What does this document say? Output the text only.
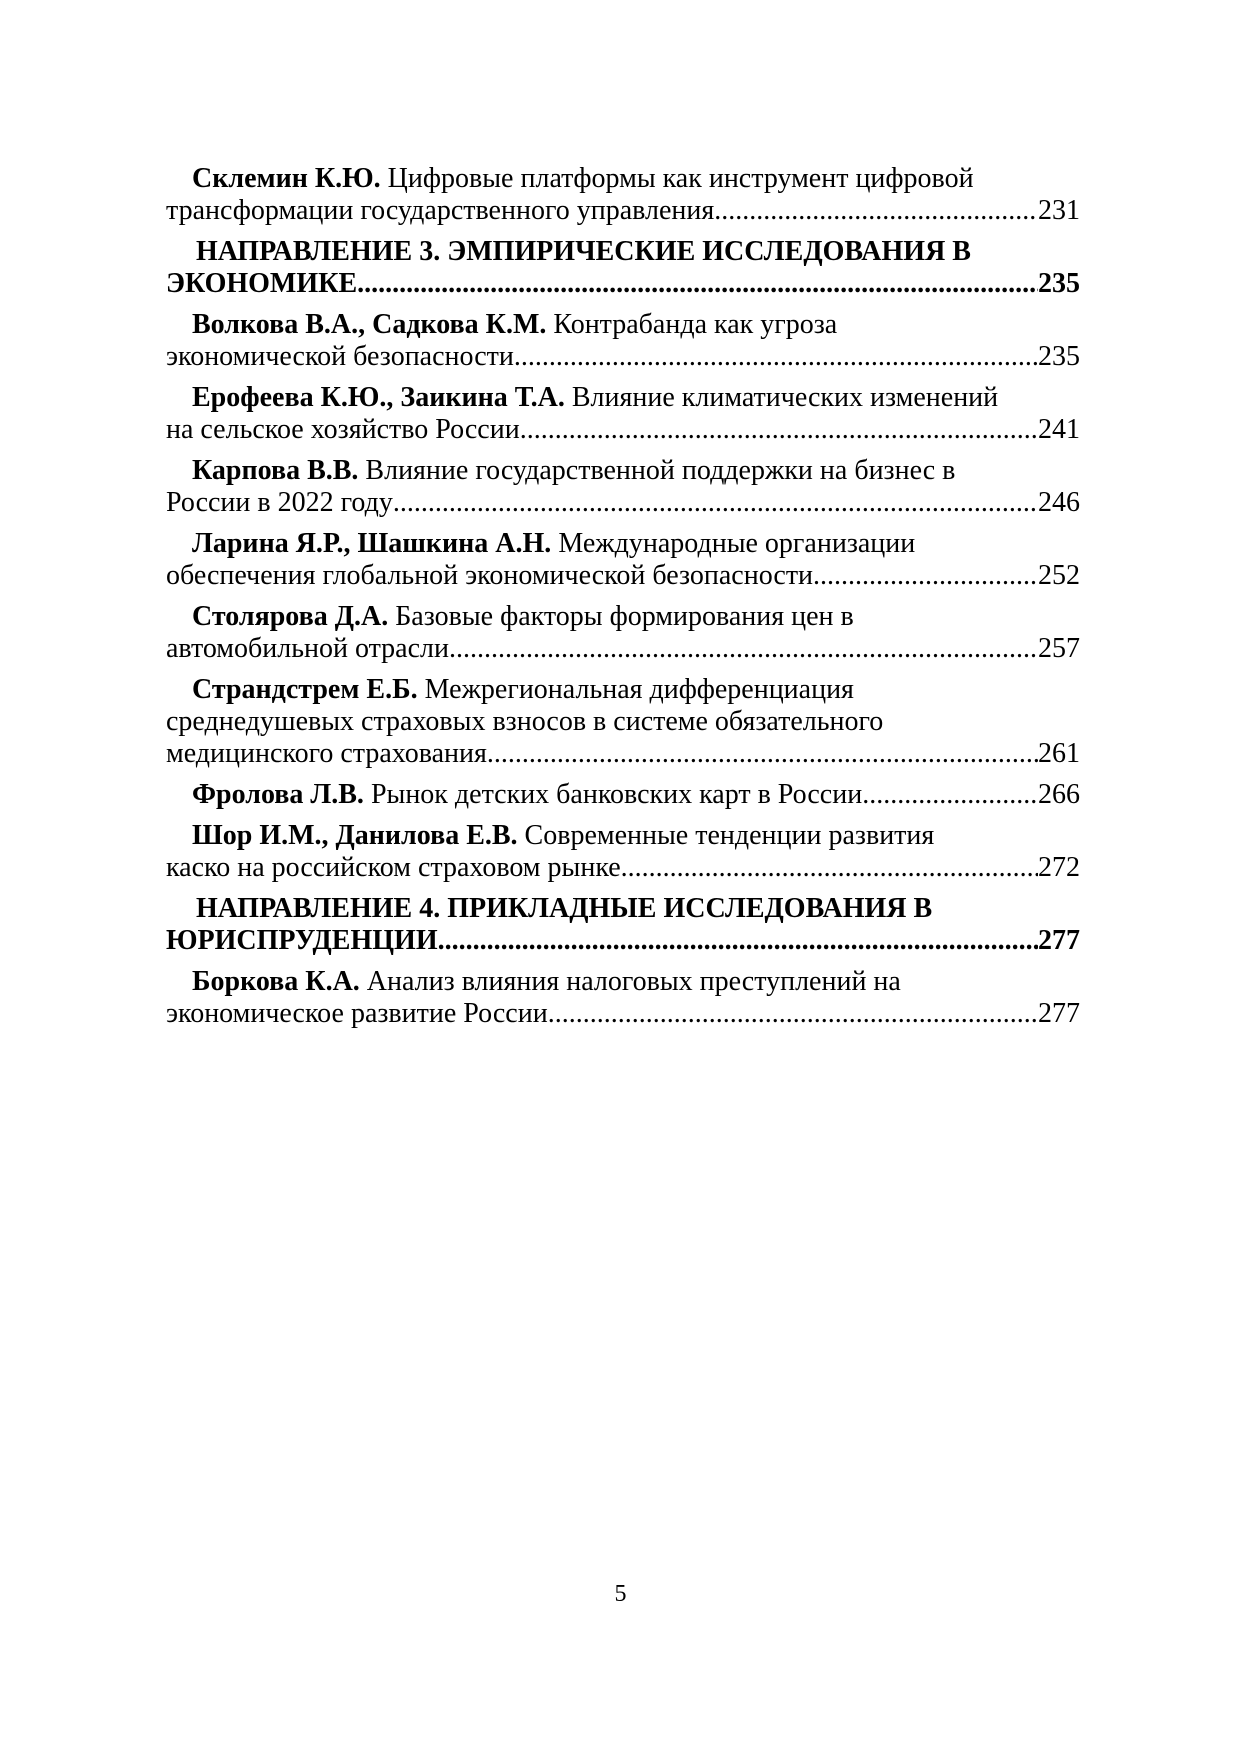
Склемин К.Ю. Цифровые платформы как инструмент цифровой
трансформации государственного управления .....	231
НАПРАВЛЕНИЕ 3. ЭМПИРИЧЕСКИЕ ИССЛЕДОВАНИЯ В
ЭКОНОМИКЕ .....	235
Волкова В.А., Садкова К.М. Контрабанда как угроза
экономической безопасности .....	235
Ерофеева К.Ю., Заикина Т.А. Влияние климатических изменений
на сельское хозяйство России .....	241
Карпова В.В. Влияние государственной поддержки на бизнес в
России в 2022 году .....	246
Ларина Я.Р., Шашкина А.Н. Международные организации
обеспечения глобальной экономической безопасности .....	252
Столярова Д.А. Базовые факторы формирования цен в
автомобильной отрасли .....	257
Страндстрем Е.Б. Межрегиональная дифференциация
среднедушевых страховых взносов в системе обязательного
медицинского страхования .....	261
Фролова Л.В. Рынок детских банковских карт в России .....	266
Шор И.М., Данилова Е.В. Современные тенденции развития
каско на российском страховом рынке .....	272
НАПРАВЛЕНИЕ 4. ПРИКЛАДНЫЕ ИССЛЕДОВАНИЯ В
ЮРИСПРУДЕНЦИИ .....	277
Боркова К.А. Анализ влияния налоговых преступлений на
экономическое развитие России .....	277
5
